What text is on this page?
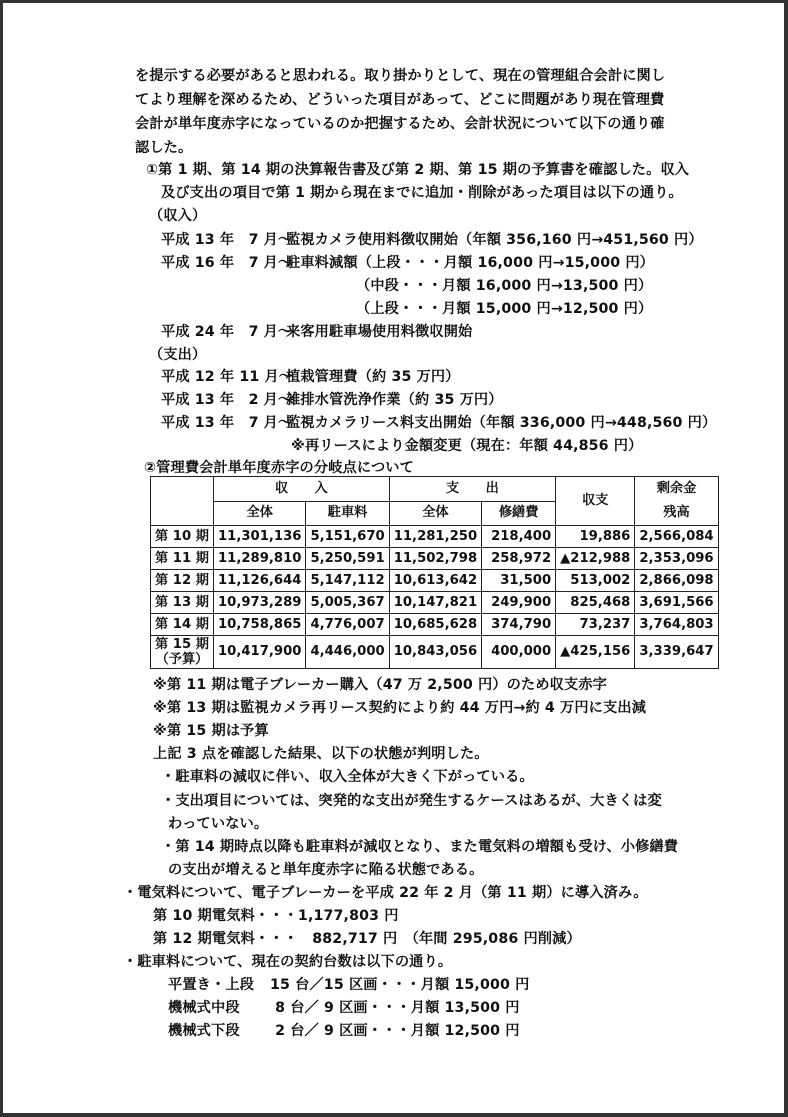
を提示する必要があると思われる。取り掛かりとして、現在の管理組合会計に関し
てより理解を深めるため、どういった項目があって、どこに問題があり現在管理費
会計が単年度赤字になっているのか把握するため、会計状況について以下の通り確
認した。
①第 1 期、第 14 期の決算報告書及び第 2 期、第 15 期の予算書を確認した。収入
及び支出の項目で第 1 期から現在までに追加・削除があった項目は以下の通り。
（収入）
平成 13 年　7 月～
監視カメラ使用料徴収開始（年額 356,160 円→451,560 円）
平成 16 年　7 月～
駐車料減額（上段・・・月額 16,000 円→15,000 円）
（中段・・・月額 16,000 円→13,500 円）
（上段・・・月額 15,000 円→12,500 円）
平成 24 年　7 月～
来客用駐車場使用料徴収開始
（支出）
平成 12 年 11 月～
植栽管理費（約 35 万円）
平成 13 年　2 月～
雑排水管洗浄作業（約 35 万円）
平成 13 年　7 月～
監視カメラリース料支出開始（年額 336,000 円→448,560 円）
※再リースにより金額変更（現在：年額 44,856 円）
②管理費会計単年度赤字の分岐点について
	収　　入		支　　出		収支	剰余金
残高

	全体	駐車料	全体	修繕費		
第 10 期	11,301,136	5,151,670	11,281,250	218,400	19,886	2,566,084
第 11 期	11,289,810	5,250,591	11,502,798	258,972	▲212,988	2,353,096
第 12 期	11,126,644	5,147,112	10,613,642	31,500	513,002	2,866,098
第 13 期	10,973,289	5,005,367	10,147,821	249,900	825,468	3,691,566
第 14 期	10,758,865	4,776,007	10,685,628	374,790	73,237	3,764,803

第 15 期
（予算）	10,417,900	4,446,000	10,843,056	400,000	▲425,156	3,339,647
※第 11 期は電子ブレーカー購入（47 万 2,500 円）のため収支赤字
※第 13 期は監視カメラ再リース契約により約 44 万円→約 4 万円に支出減
※第 15 期は予算
上記 3 点を確認した結果、以下の状態が判明した。
・駐車料の減収に伴い、収入全体が大きく下がっている。
・支出項目については、突発的な支出が発生するケースはあるが、大きくは変
わっていない。
・第 14 期時点以降も駐車料が減収となり、また電気料の増額も受け、小修繕費
の支出が増えると単年度赤字に陥る状態である。
・電気料について、電子ブレーカーを平成 22 年 2 月（第 11 期）に導入済み。
第 10 期電気料・・・1,177,803 円
第 12 期電気料・・・　882,717 円　（年間 295,086 円削減）
・駐車料について、現在の契約台数は以下の通り。
平置き・上段 15 台／15 区画・・・月額 15,000 円
機械式中段 8 台／ 9 区画・・・月額 13,500 円
機械式下段 2 台／ 9 区画・・・月額 12,500 円
